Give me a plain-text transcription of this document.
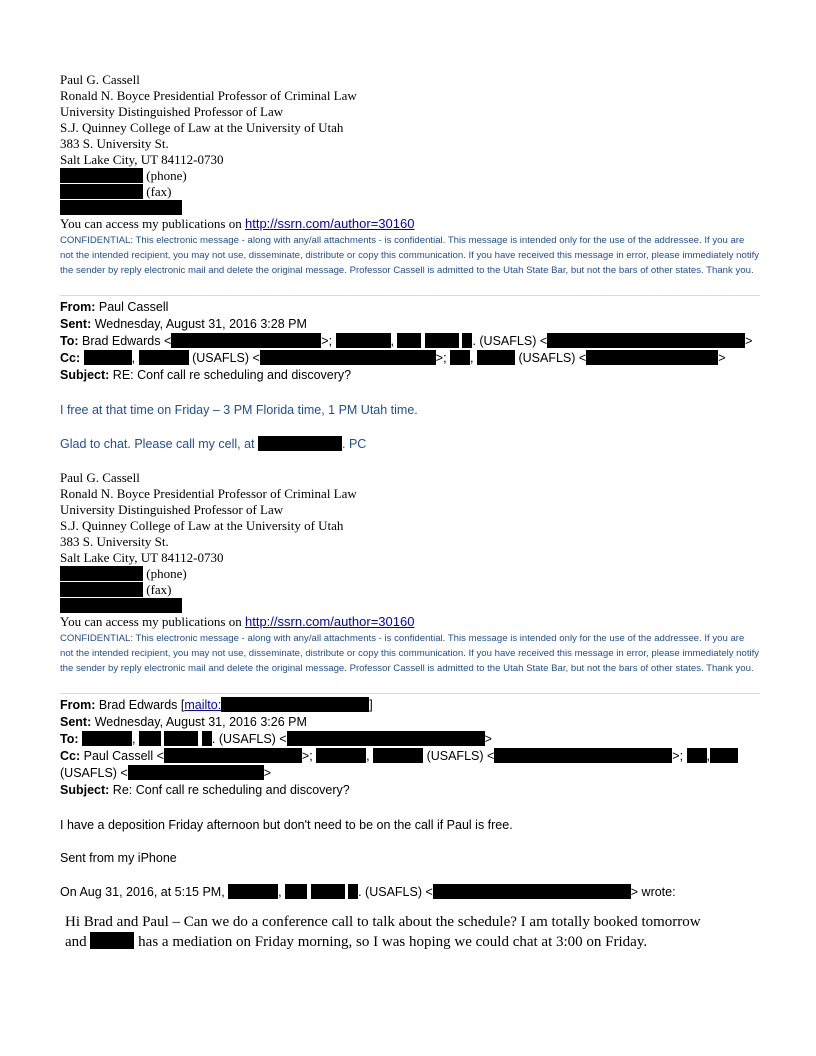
Paul G. Cassell
Ronald N. Boyce Presidential Professor of Criminal Law
University Distinguished Professor of Law
S.J. Quinney College of Law at the University of Utah
383 S. University St.
Salt Lake City, UT 84112-0730
(phone)
(fax)
You can access my publications on http://ssrn.com/author=30160
CONFIDENTIAL: This electronic message - along with any/all attachments - is confidential. This message is intended only for the use of the addressee. If you are not the intended recipient, you may not use, disseminate, distribute or copy this communication. If you have received this message in error, please immediately notify the sender by reply electronic mail and delete the original message. Professor Cassell is admitted to the Utah State Bar, but not the bars of other states. Thank you.
From: Paul Cassell
Sent: Wednesday, August 31, 2016 3:28 PM
To: Brad Edwards <	>;	,	. (USAFLS) <	>
Cc:	,	(USAFLS) <	>; ,	(USAFLS) <	>
Subject: RE: Conf call re scheduling and discovery?
I free at that time on Friday – 3 PM Florida time, 1 PM Utah time.
Glad to chat. Please call my cell, at	. PC
Paul G. Cassell
Ronald N. Boyce Presidential Professor of Criminal Law
University Distinguished Professor of Law
S.J. Quinney College of Law at the University of Utah
383 S. University St.
Salt Lake City, UT 84112-0730
(phone)
(fax)
You can access my publications on http://ssrn.com/author=30160
CONFIDENTIAL: This electronic message - along with any/all attachments - is confidential. This message is intended only for the use of the addressee. If you are not the intended recipient, you may not use, disseminate, distribute or copy this communication. If you have received this message in error, please immediately notify the sender by reply electronic mail and delete the original message. Professor Cassell is admitted to the Utah State Bar, but not the bars of other states. Thank you.
From: Brad Edwards [mailto:	]
Sent: Wednesday, August 31, 2016 3:26 PM
To:	,	. (USAFLS) <	>
Cc: Paul Cassell <	>;	,	(USAFLS) <	>; ,
(USAFLS) <	>
Subject: Re: Conf call re scheduling and discovery?
I have a deposition Friday afternoon but don't need to be on the call if Paul is free.
Sent from my iPhone
On Aug 31, 2016, at 5:15 PM,	,	. (USAFLS) <	> wrote:
Hi Brad and Paul – Can we do a conference call to talk about the schedule? I am totally booked tomorrow
and	has a mediation on Friday morning, so I was hoping we could chat at 3:00 on Friday.
